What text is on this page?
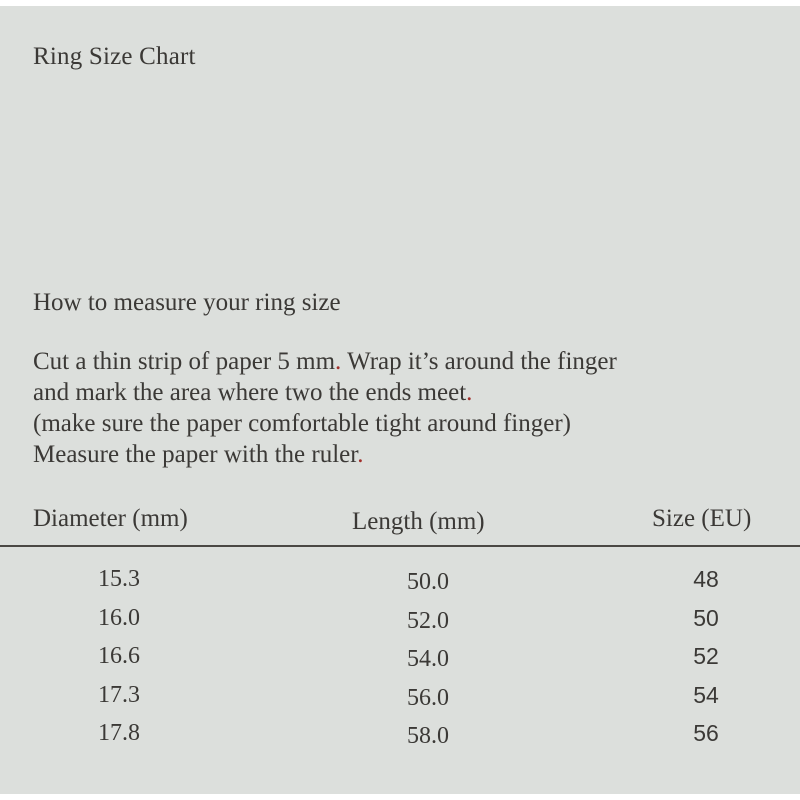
Ring Size Chart
How to measure your ring size
Cut a thin strip of paper 5 mm. Wrap it’s around the finger
and mark the area where two the ends meet.
(make sure the paper comfortable tight around finger)
Measure the paper with the ruler.
Diameter (mm)	Length (mm)	Size (EU)
15.3	50.0	48
16.0	52.0	50
16.6	54.0	52
17.3	56.0	54
17.8	58.0	56
